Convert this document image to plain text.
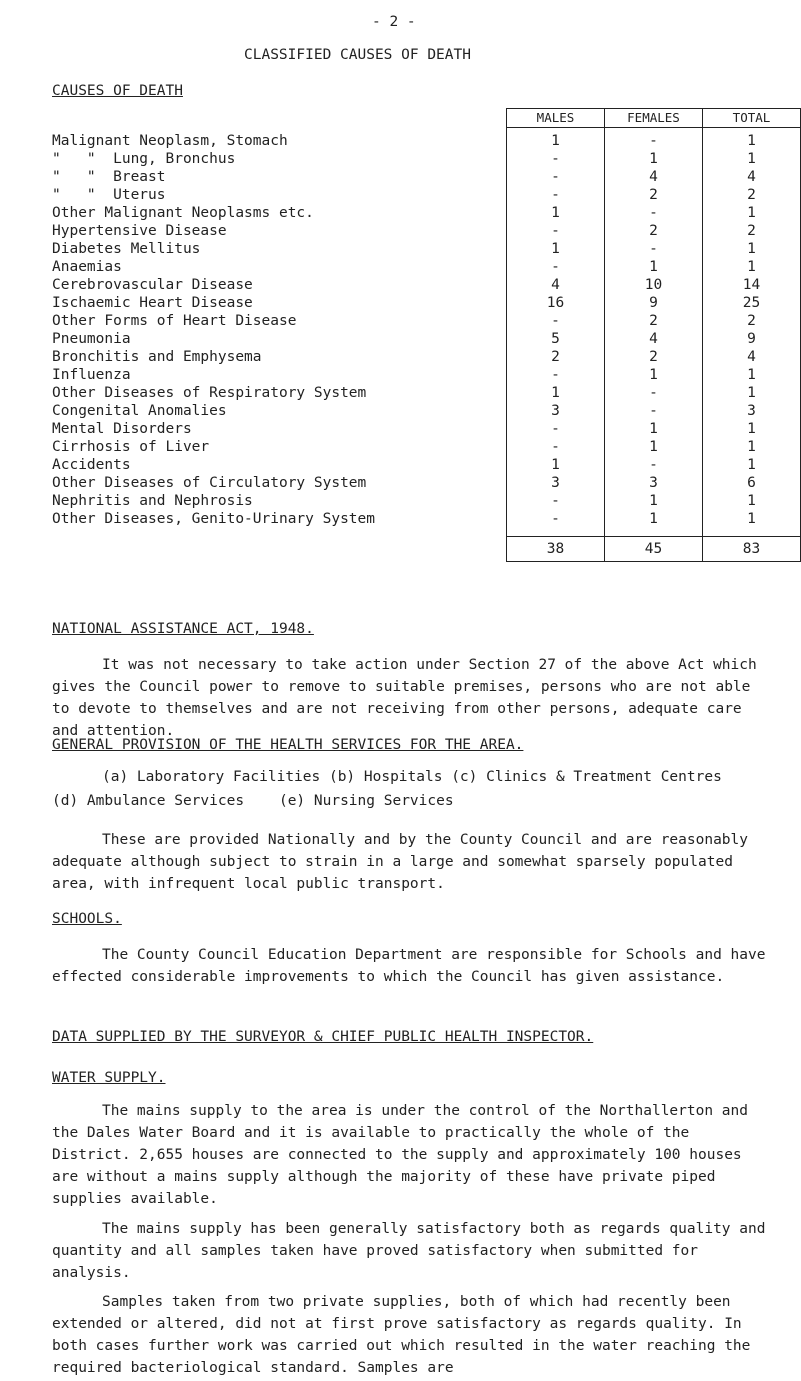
- 2 -
CLASSIFIED CAUSES OF DEATH
CAUSES OF DEATH
	MALES	FEMALES	TOTAL
Malignant Neoplasm, Stomach	1	-	1
"   "  Lung, Bronchus	-	1	1
"   "  Breast	-	4	4
"   "  Uterus	-	2	2
Other Malignant Neoplasms etc.	1	-	1
Hypertensive Disease	-	2	2
Diabetes Mellitus	1	-	1
Anaemias	-	1	1
Cerebrovascular Disease	4	10	14
Ischaemic Heart Disease	16	9	25
Other Forms of Heart Disease	-	2	2
Pneumonia	5	4	9
Bronchitis and Emphysema	2	2	4
Influenza	-	1	1
Other Diseases of Respiratory System	1	-	1
Congenital Anomalies	3	-	3
Mental Disorders	-	1	1
Cirrhosis of Liver	-	1	1
Accidents	1	-	1
Other Diseases of Circulatory System	3	3	6
Nephritis and Nephrosis	-	1	1
Other Diseases, Genito-Urinary System	-	1	1

	38	45	83
NATIONAL ASSISTANCE ACT, 1948.

It was not necessary to take action under Section 27 of the above Act which gives the Council power to remove to suitable premises, persons who are not able to devote to themselves and are not receiving from other persons, adequate care and attention.

GENERAL PROVISION OF THE HEALTH SERVICES FOR THE AREA.
(a) Laboratory Facilities (b) Hospitals (c) Clinics & Treatment Centres
(d) Ambulance Services    (e) Nursing Services

These are provided Nationally and by the County Council and are reasonably adequate although subject to strain in a large and somewhat sparsely populated area, with infrequent local public transport.

SCHOOLS.

The County Council Education Department are responsible for Schools and have effected considerable improvements to which the Council has given assistance.

DATA SUPPLIED BY THE SURVEYOR & CHIEF PUBLIC HEALTH INSPECTOR.
WATER SUPPLY.

The mains supply to the area is under the control of the Northallerton and the Dales Water Board and it is available to practically the whole of the District. 2,655 houses are connected to the supply and approximately 100 houses are without a mains supply although the majority of these have private piped supplies available.

The mains supply has been generally satisfactory both as regards quality and quantity and all samples taken have proved satisfactory when submitted for analysis.

Samples taken from two private supplies, both of which had recently been extended or altered, did not at first prove satisfactory as regards quality. In both cases further work was carried out which resulted in the water reaching the required bacteriological standard. Samples are
